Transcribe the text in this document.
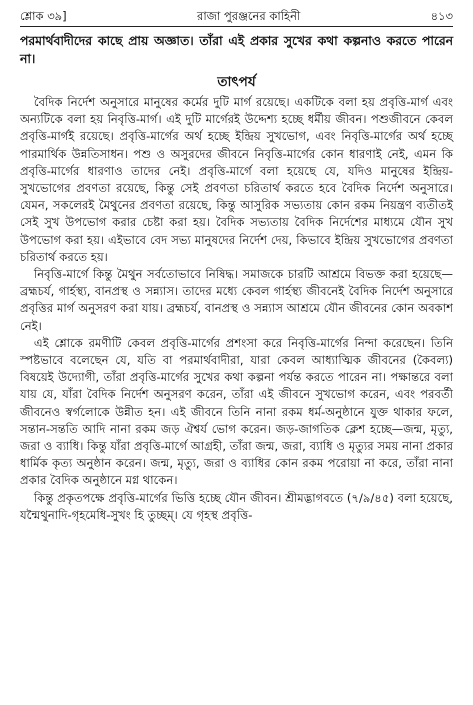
শ্লোক ৩৯]	রাজা পুরঞ্জনের কাহিনী	৪১৩

পরমার্থবাদীদের কাছে প্রায় অজ্ঞাত। তাঁরা এই প্রকার সুখের কথা কল্পনাও করতে পারেন না।

তাৎপর্য

বৈদিক নির্দেশ অনুসারে মানুষের কর্মের দুটি মার্গ রয়েছে। একটিকে বলা হয় প্রবৃত্তি-মার্গ এবং অন্যটিকে বলা হয় নিবৃত্তি-মার্গ। এই দুটি মার্গেরই উদ্দেশ্য হচ্ছে ধর্মীয় জীবন। পশুজীবনে কেবল প্রবৃত্তি-মার্গই রয়েছে। প্রবৃত্তি-মার্গের অর্থ হচ্ছে ইন্দ্রিয় সুখভোগ, এবং নিবৃত্তি-মার্গের অর্থ হচ্ছে পারমার্থিক উন্নতিসাধন। পশু ও অসুরদের জীবনে নিবৃত্তি-মার্গের কোন ধারণাই নেই, এমন কি প্রবৃত্তি-মার্গের ধারণাও তাদের নেই। প্রবৃত্তি-মার্গে বলা হয়েছে যে, যদিও মানুষের ইন্দ্রিয়-সুখভোগের প্রবণতা রয়েছে, কিন্তু সেই প্রবণতা চরিতার্থ করতে হবে বৈদিক নির্দেশ অনুসারে। যেমন, সকলেরই মৈথুনের প্রবণতা রয়েছে, কিন্তু আসুরিক সভ্যতায় কোন রকম নিয়ন্ত্রণ ব্যতীতই সেই সুখ উপভোগ করার চেষ্টা করা হয়। বৈদিক সভ্যতায় বৈদিক নির্দেশের মাধ্যমে যৌন সুখ উপভোগ করা হয়। এইভাবে বেদ সভ্য মানুষদের নির্দেশ দেয়, কিভাবে ইন্দ্রিয় সুখভোগের প্রবণতা চরিতার্থ করতে হয়।

নিবৃত্তি-মার্গে কিন্তু মৈথুন সর্বতোভাবে নিষিদ্ধ। সমাজকে চারটি আশ্রমে বিভক্ত করা হয়েছে—ব্রহ্মচর্য, গার্হস্থ্য, বানপ্রস্থ ও সন্ন্যাস। তাদের মধ্যে কেবল গার্হস্থ্য জীবনেই বৈদিক নির্দেশ অনুসারে প্রবৃত্তির মার্গ অনুসরণ করা যায়। ব্রহ্মচর্য, বানপ্রস্থ ও সন্ন্যাস আশ্রমে যৌন জীবনের কোন অবকাশ নেই।

এই শ্লোকে রমণীটি কেবল প্রবৃত্তি-মার্গের প্রশংসা করে নিবৃত্তি-মার্গের নিন্দা করেছেন। তিনি স্পষ্টভাবে বলেছেন যে, যতি বা পরমার্থবাদীরা, যারা কেবল আধ্যাত্মিক জীবনের (কৈবল্য) বিষয়েই উদ্যোগী, তাঁরা প্রবৃত্তি-মার্গের সুখের কথা কল্পনা পর্যন্ত করতে পারেন না। পক্ষান্তরে বলা যায় যে, যাঁরা বৈদিক নির্দেশ অনুসরণ করেন, তাঁরা এই জীবনে সুখভোগ করেন, এবং পরবর্তী জীবনেও স্বর্গলোকে উন্নীত হন। এই জীবনে তিনি নানা রকম ধর্ম-অনুষ্ঠানে যুক্ত থাকার ফলে, সন্তান-সন্ততি আদি নানা রকম জড় ঐশ্বর্য ভোগ করেন। জড়-জাগতিক ক্লেশ হচ্ছে—জন্ম, মৃত্যু, জরা ও ব্যাধি। কিন্তু যাঁরা প্রবৃত্তি-মার্গে আগ্রহী, তাঁরা জন্ম, জরা, ব্যাধি ও মৃত্যুর সময় নানা প্রকার ধার্মিক কৃত্য অনুষ্ঠান করেন। জন্ম, মৃত্যু, জরা ও ব্যাধির কোন রকম পরোয়া না করে, তাঁরা নানা প্রকার বৈদিক অনুষ্ঠানে মগ্ন থাকেন।

কিন্তু প্রকৃতপক্ষে প্রবৃত্তি-মার্গের ভিত্তি হচ্ছে যৌন জীবন। শ্রীমদ্ভাগবতে (৭/৯/৪৫) বলা হয়েছে, যন্মৈথুনাদি-গৃহমেধি-সুখং হি তুচ্ছম্। যে গৃহস্থ প্রবৃত্তি-
